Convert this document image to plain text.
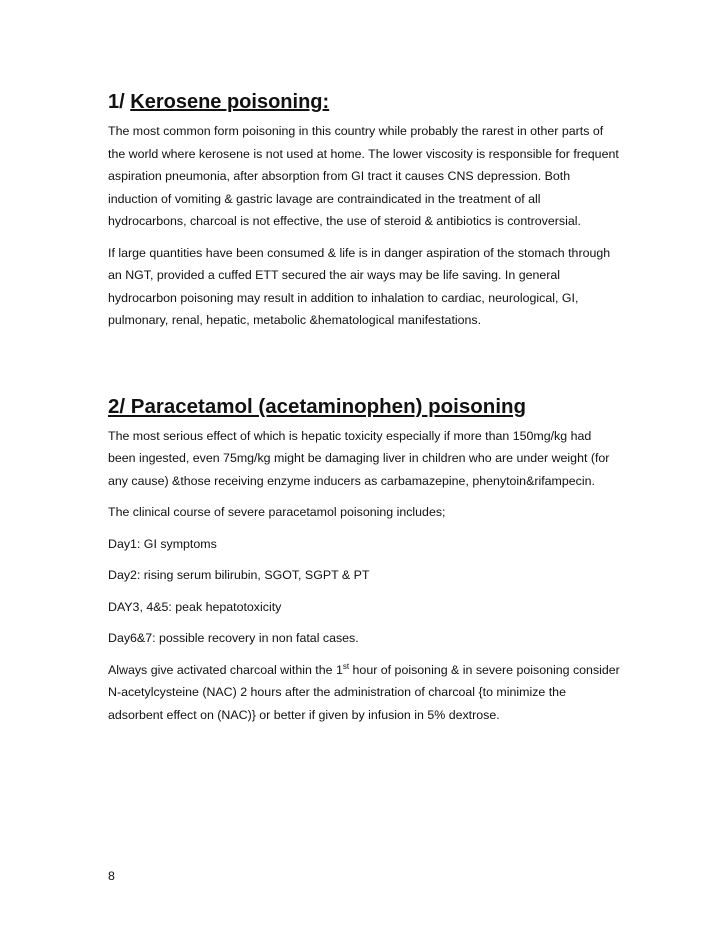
1/ Kerosene poisoning:

The most common form poisoning in this country while probably the rarest in other parts of the world where kerosene is not used at home. The lower viscosity is responsible for frequent aspiration pneumonia, after absorption from GI tract it causes CNS depression. Both induction of vomiting & gastric lavage are contraindicated in the treatment of all hydrocarbons, charcoal is not effective, the use of steroid & antibiotics is controversial.

If large quantities have been consumed & life is in danger aspiration of the stomach through an NGT, provided a cuffed ETT secured the air ways may be life saving. In general hydrocarbon poisoning may result in addition to inhalation to cardiac, neurological, GI, pulmonary, renal, hepatic, metabolic &hematological manifestations.

2/ Paracetamol (acetaminophen) poisoning

The most serious effect of which is hepatic toxicity especially if more than 150mg/kg had been ingested, even 75mg/kg might be damaging liver in children who are under weight (for any cause) &those receiving enzyme inducers as carbamazepine, phenytoin&rifampecin.

The clinical course of severe paracetamol poisoning includes;

Day1: GI symptoms

Day2: rising serum bilirubin, SGOT, SGPT & PT

DAY3, 4&5: peak hepatotoxicity

Day6&7: possible recovery in non fatal cases.

Always give activated charcoal within the 1st hour of poisoning & in severe poisoning consider N-acetylcysteine (NAC) 2 hours after the administration of charcoal {to minimize the adsorbent effect on (NAC)} or better if given by infusion in 5% dextrose.

8
